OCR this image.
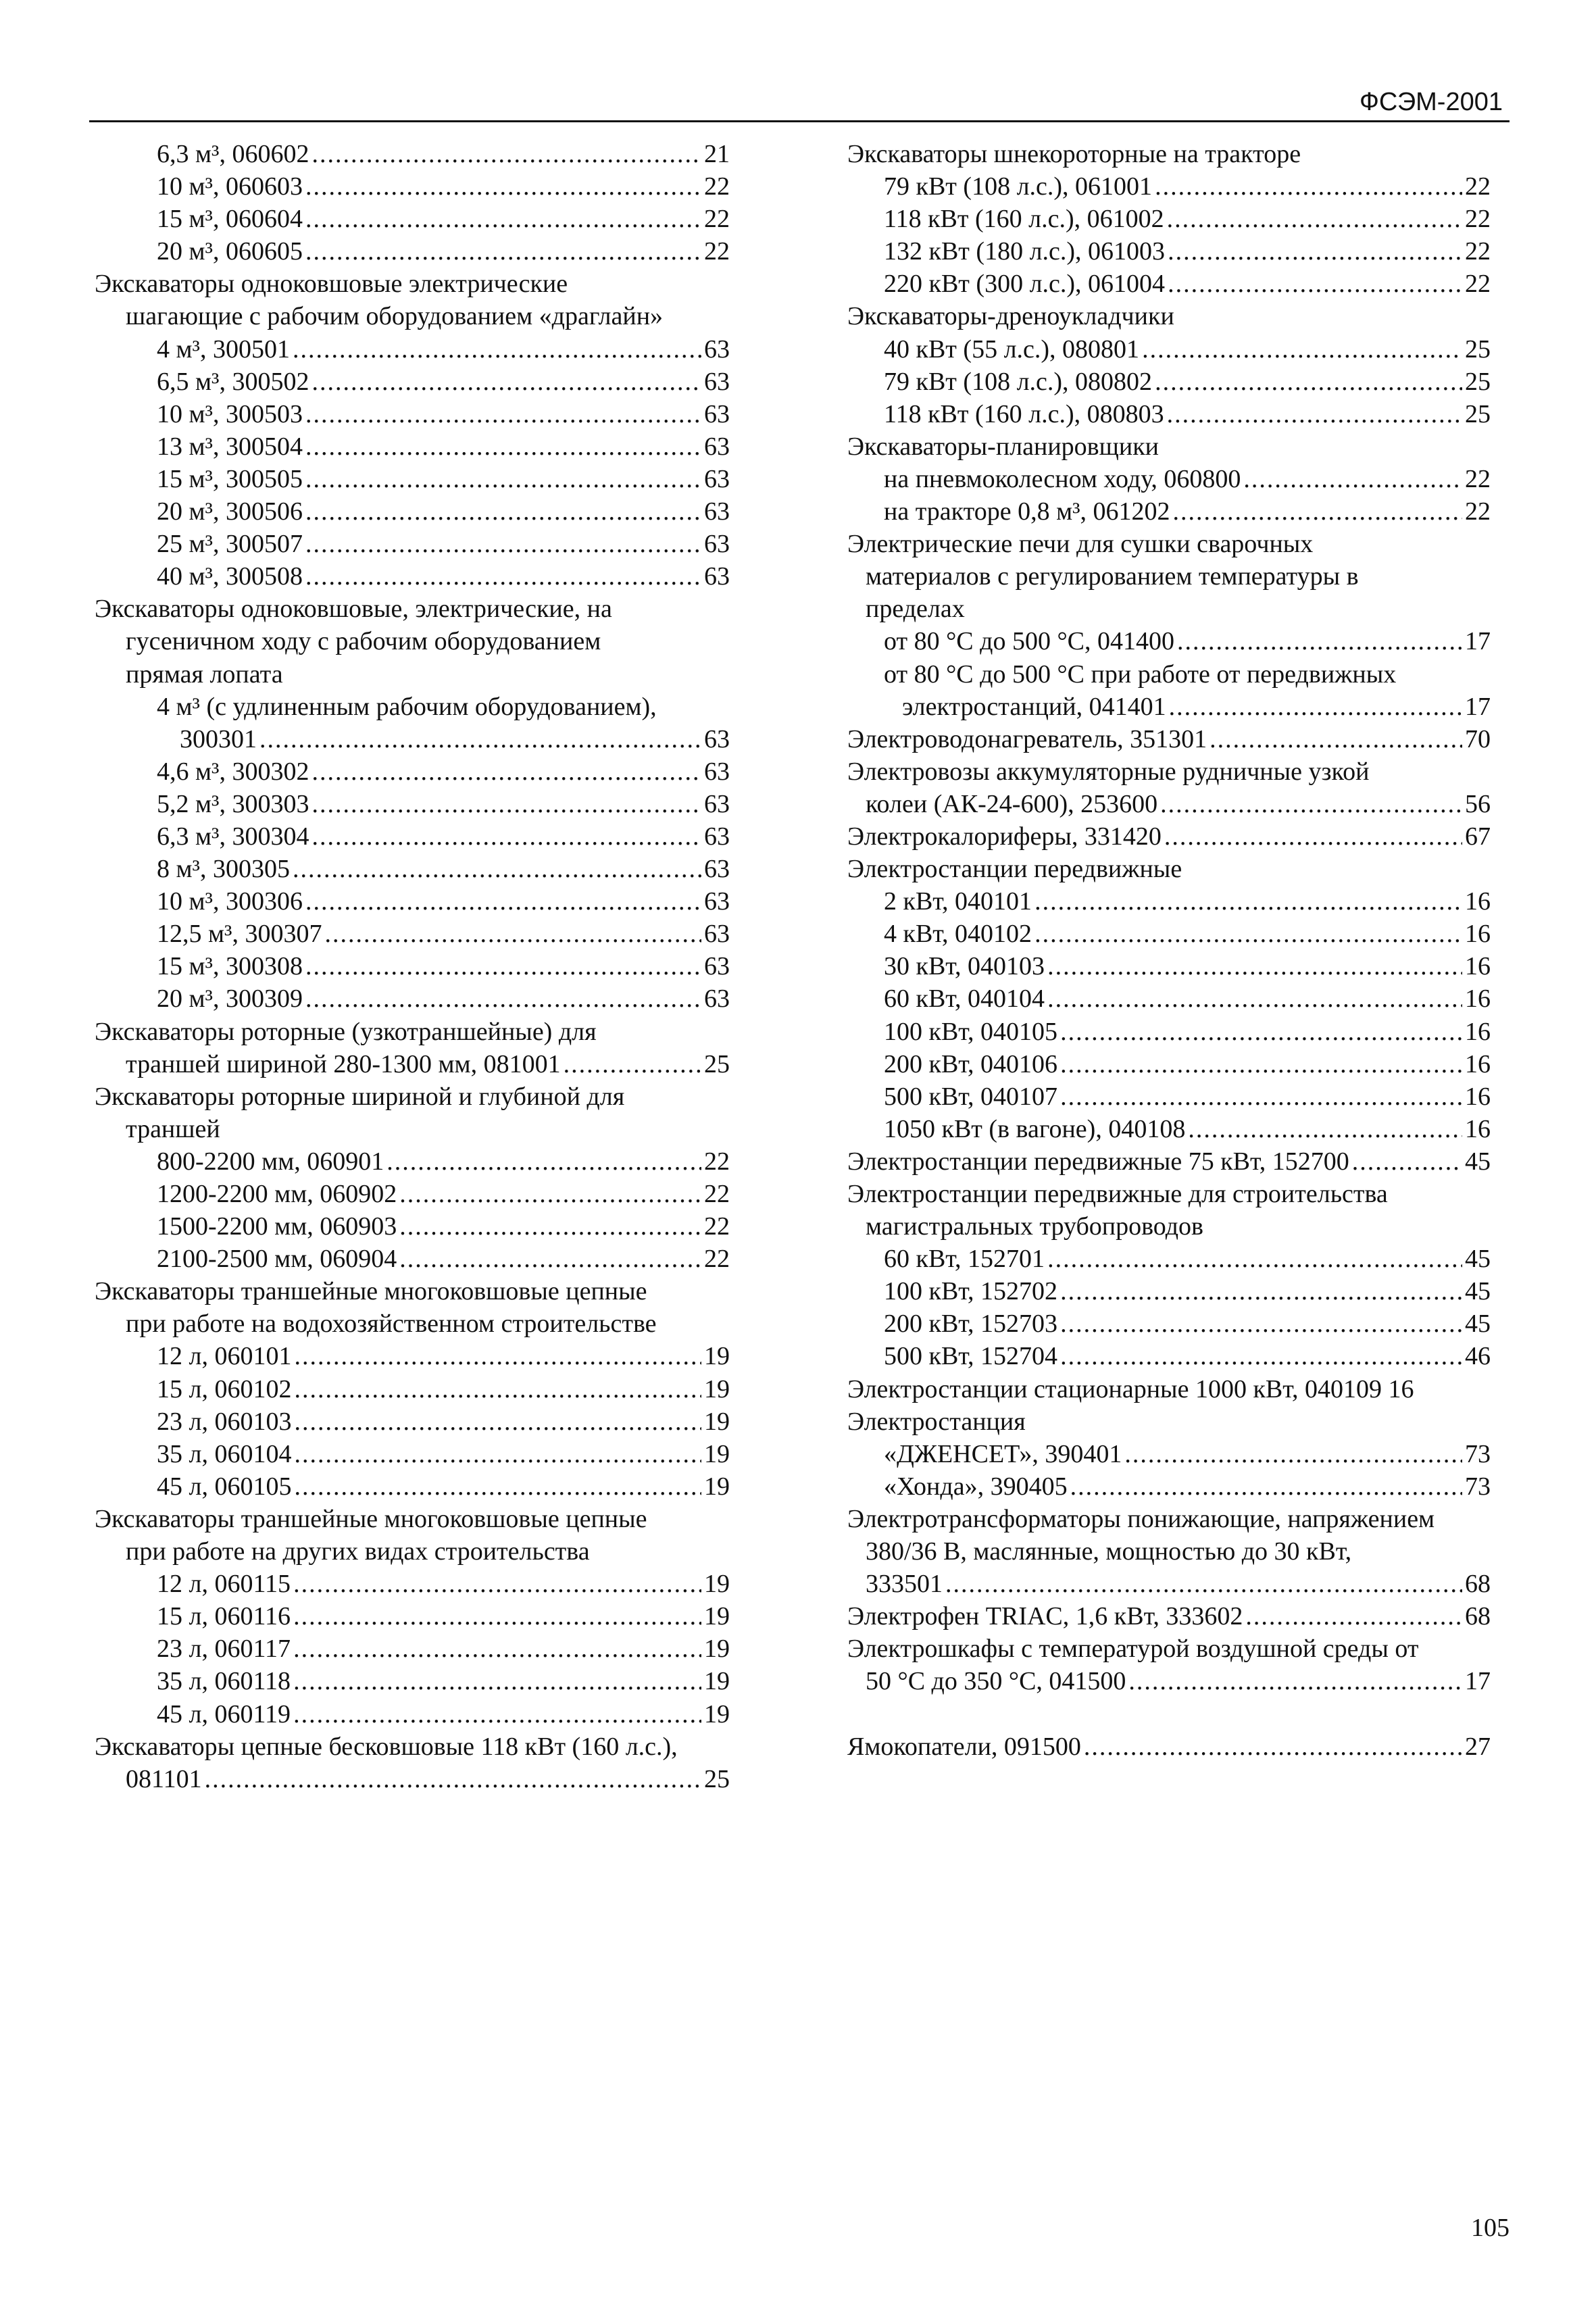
ФСЭМ-2001
6,3 м³, 060602 .....	21
10 м³, 060603 .....	22
15 м³, 060604 .....	22
20 м³, 060605 .....	22
Экскаваторы одноковшовые электрические
шагающие с рабочим оборудованием «драглайн»
4 м³, 300501 .....	63
6,5 м³, 300502 .....	63
10 м³, 300503 .....	63
13 м³, 300504 .....	63
15 м³, 300505 .....	63
20 м³, 300506 .....	63
25 м³, 300507 .....	63
40 м³, 300508 .....	63
Экскаваторы одноковшовые, электрические, на
гусеничном ходу с рабочим оборудованием
прямая лопата
4 м³ (с удлиненным рабочим оборудованием),
300301 .....	63
4,6 м³, 300302 .....	63
5,2 м³, 300303 .....	63
6,3 м³, 300304 .....	63
8 м³, 300305 .....	63
10 м³, 300306 .....	63
12,5 м³, 300307 .....	63
15 м³, 300308 .....	63
20 м³, 300309 .....	63
Экскаваторы роторные (узкотраншейные) для
траншей шириной 280-1300 мм, 081001 .....	25
Экскаваторы роторные шириной и глубиной для
траншей
800-2200 мм, 060901 .....	22
1200-2200 мм, 060902 .....	22
1500-2200 мм, 060903 .....	22
2100-2500 мм, 060904 .....	22
Экскаваторы траншейные многоковшовые цепные
при работе на водохозяйственном строительстве
12 л, 060101 .....	19
15 л, 060102 .....	19
23 л, 060103 .....	19
35 л, 060104 .....	19
45 л, 060105 .....	19
Экскаваторы траншейные многоковшовые цепные
при работе на других видах строительства
12 л, 060115 .....	19
15 л, 060116 .....	19
23 л, 060117 .....	19
35 л, 060118 .....	19
45 л, 060119 .....	19
Экскаваторы цепные бесковшовые 118 кВт (160 л.с.),
081101 .....	25
Экскаваторы шнекороторные на тракторе
79 кВт (108 л.с.), 061001 .....	22
118 кВт (160 л.с.), 061002 .....	22
132 кВт (180 л.с.), 061003 .....	22
220 кВт (300 л.с.), 061004 .....	22
Экскаваторы-дреноукладчики
40 кВт (55 л.с.), 080801 .....	25
79 кВт (108 л.с.), 080802 .....	25
118 кВт (160 л.с.), 080803 .....	25
Экскаваторы-планировщики
на пневмоколесном ходу, 060800 .....	22
на тракторе 0,8 м³, 061202 .....	22
Электрические печи для сушки сварочных
материалов с регулированием температуры в
пределах
от 80 °С до 500 °С, 041400 .....	17
от 80 °С до 500 °С при работе от передвижных
электростанций, 041401 .....	17
Электроводонагреватель, 351301 .....	70
Электровозы аккумуляторные рудничные узкой
колеи (АК-24-600), 253600 .....	56
Электрокалориферы, 331420 .....	67
Электростанции передвижные
2 кВт, 040101 .....	16
4 кВт, 040102 .....	16
30 кВт, 040103 .....	16
60 кВт, 040104 .....	16
100 кВт, 040105 .....	16
200 кВт, 040106 .....	16
500 кВт, 040107 .....	16
1050 кВт (в вагоне), 040108 .....	16
Электростанции передвижные 75 кВт, 152700 .....	45
Электростанции передвижные для строительства
магистральных трубопроводов
60 кВт, 152701 .....	45
100 кВт, 152702 .....	45
200 кВт, 152703 .....	45
500 кВт, 152704 .....	46
Электростанции стационарные 1000 кВт, 040109 16
Электростанция
«ДЖЕНСЕТ», 390401 .....	73
«Хонда», 390405 .....	73
Электротрансформаторы понижающие, напряжением
380/36 В, маслянные, мощностью до 30 кВт,
333501 .....	68
Электрофен TRIAC, 1,6 кВт, 333602 .....	68
Электрошкафы с температурой воздушной среды от
50 °С до 350 °С, 041500 .....	17
Ямокопатели, 091500 .....	27
105
